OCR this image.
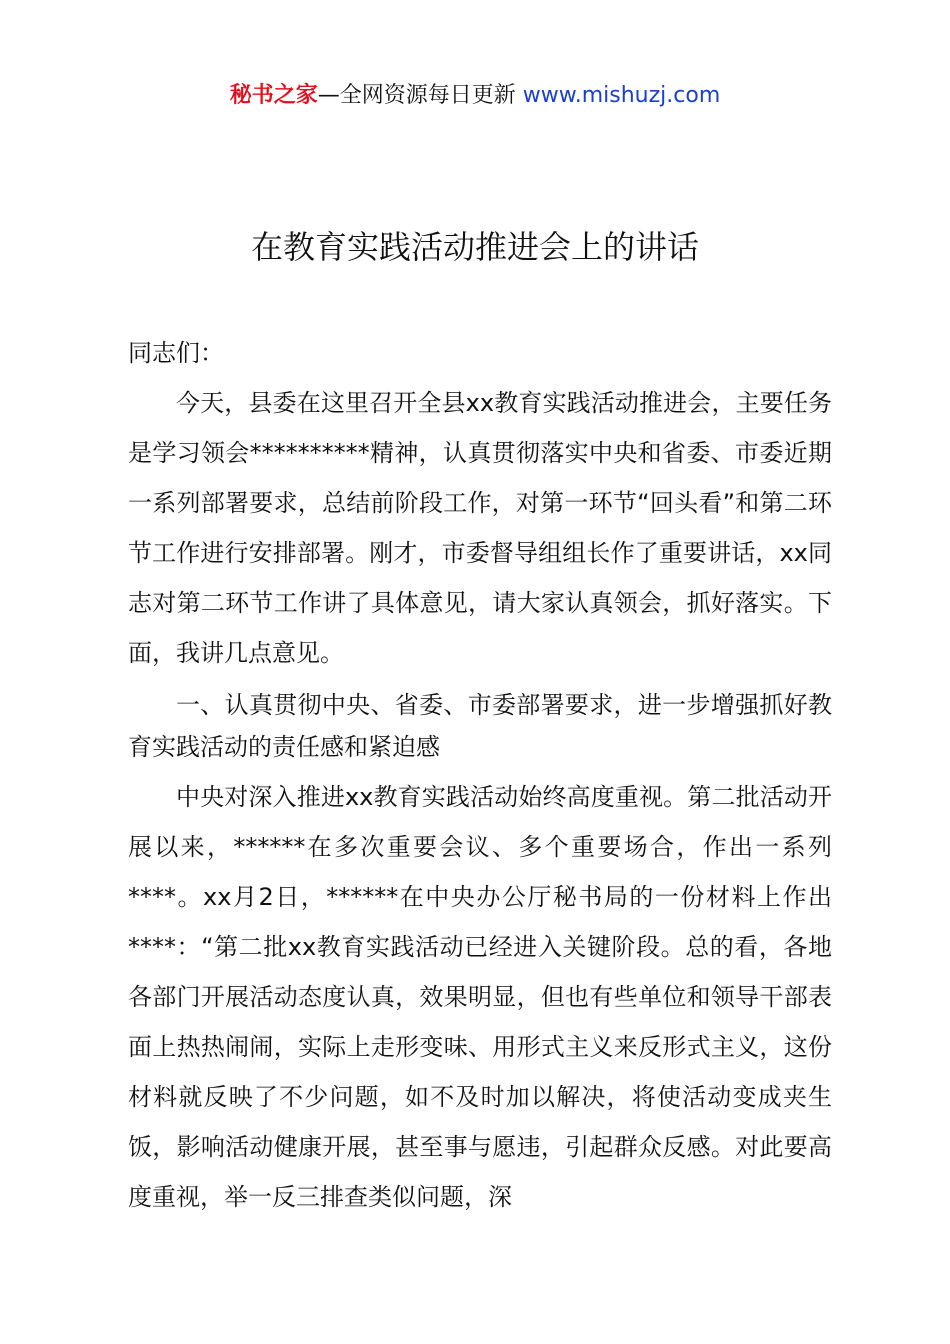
秘书之家—全网资源每日更新 www.mishuzj.com
在教育实践活动推进会上的讲话

同志们：

今天，县委在这里召开全县xx教育实践活动推进会，主要任务是学习领会**********精神，认真贯彻落实中央和省委、市委近期一系列部署要求，总结前阶段工作，对第一环节“回头看”和第二环节工作进行安排部署。刚才，市委督导组组长作了重要讲话，xx同志对第二环节工作讲了具体意见，请大家认真领会，抓好落实。下面，我讲几点意见。

一、认真贯彻中央、省委、市委部署要求，进一步增强抓好教育实践活动的责任感和紧迫感

中央对深入推进xx教育实践活动始终高度重视。第二批活动开展以来，******在多次重要会议、多个重要场合，作出一系列****。xx月2日，******在中央办公厅秘书局的一份材料上作出****：“第二批xx教育实践活动已经进入关键阶段。总的看，各地各部门开展活动态度认真，效果明显，但也有些单位和领导干部表面上热热闹闹，实际上走形变味、用形式主义来反形式主义，这份材料就反映了不少问题，如不及时加以解决，将使活动变成夹生饭，影响活动健康开展，甚至事与愿违，引起群众反感。对此要高度重视，举一反三排查类似问题，深
